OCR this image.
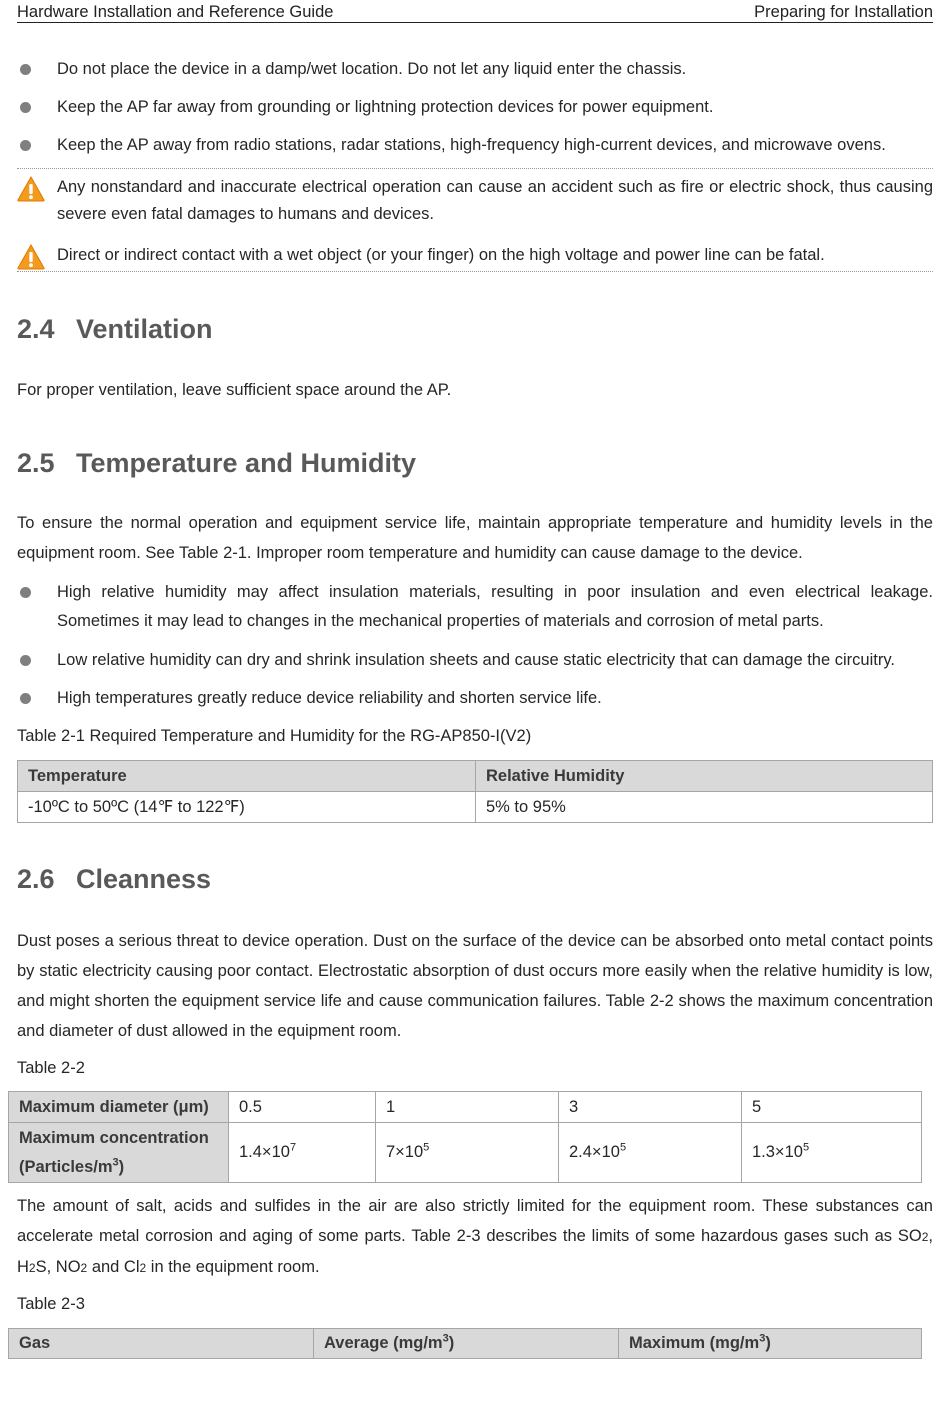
Hardware Installation and Reference Guide	Preparing for Installation
Do not place the device in a damp/wet location. Do not let any liquid enter the chassis.
Keep the AP far away from grounding or lightning protection devices for power equipment.
Keep the AP away from radio stations, radar stations, high-frequency high-current devices, and microwave ovens.
Any nonstandard and inaccurate electrical operation can cause an accident such as fire or electric shock, thus causing severe even fatal damages to humans and devices.
Direct or indirect contact with a wet object (or your finger) on the high voltage and power line can be fatal.
2.4 Ventilation
For proper ventilation, leave sufficient space around the AP.
2.5 Temperature and Humidity
To ensure the normal operation and equipment service life, maintain appropriate temperature and humidity levels in the equipment room. See Table 2-1. Improper room temperature and humidity can cause damage to the device.
High relative humidity may affect insulation materials, resulting in poor insulation and even electrical leakage. Sometimes it may lead to changes in the mechanical properties of materials and corrosion of metal parts.
Low relative humidity can dry and shrink insulation sheets and cause static electricity that can damage the circuitry.
High temperatures greatly reduce device reliability and shorten service life.
Table 2-1 Required Temperature and Humidity for the RG-AP850-I(V2)
Temperature	Relative Humidity
-10ºC to 50ºC (14℉ to 122℉)	5% to 95%
2.6 Cleanness
Dust poses a serious threat to device operation. Dust on the surface of the device can be absorbed onto metal contact points by static electricity causing poor contact. Electrostatic absorption of dust occurs more easily when the relative humidity is low, and might shorten the equipment service life and cause communication failures. Table 2-2 shows the maximum concentration and diameter of dust allowed in the equipment room.
Table 2-2
Maximum diameter (μm)	0.5	1	3	5
Maximum concentration $(Particles/m^3)$	$1.4\times 10^7$	$7\times 10^5$	$2.4\times 10^5$	$1.3\times 10^5$
The amount of salt, acids and sulfides in the air are also strictly limited for the equipment room. These substances can accelerate metal corrosion and aging of some parts. Table 2-3 describes the limits of some hazardous gases such as SO2, H2S, NO2 and Cl2 in the equipment room.
Table 2-3
Gas	Average $(mg/m^3)$	Maximum $(mg/m^3)$
